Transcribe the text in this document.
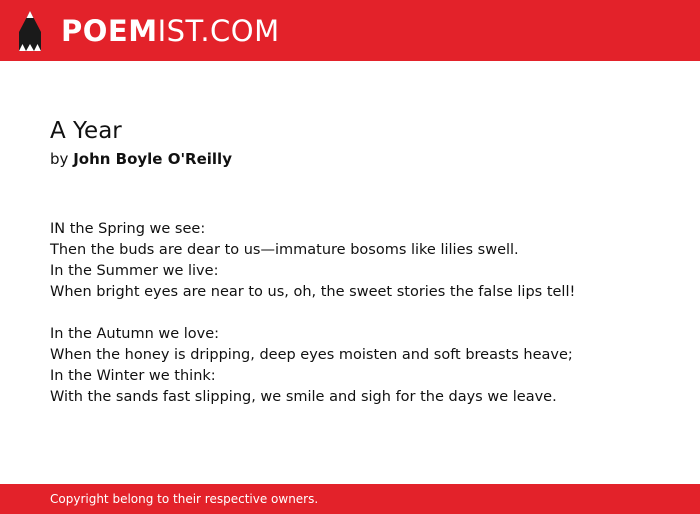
POEMIST.COM
A Year
by John Boyle O'Reilly
IN the Spring we see:
Then the buds are dear to us—immature bosoms like lilies swell.
In the Summer we live:
When bright eyes are near to us, oh, the sweet stories the false lips tell!
In the Autumn we love:
When the honey is dripping, deep eyes moisten and soft breasts heave;
In the Winter we think:
With the sands fast slipping, we smile and sigh for the days we leave.
Copyright belong to their respective owners.
